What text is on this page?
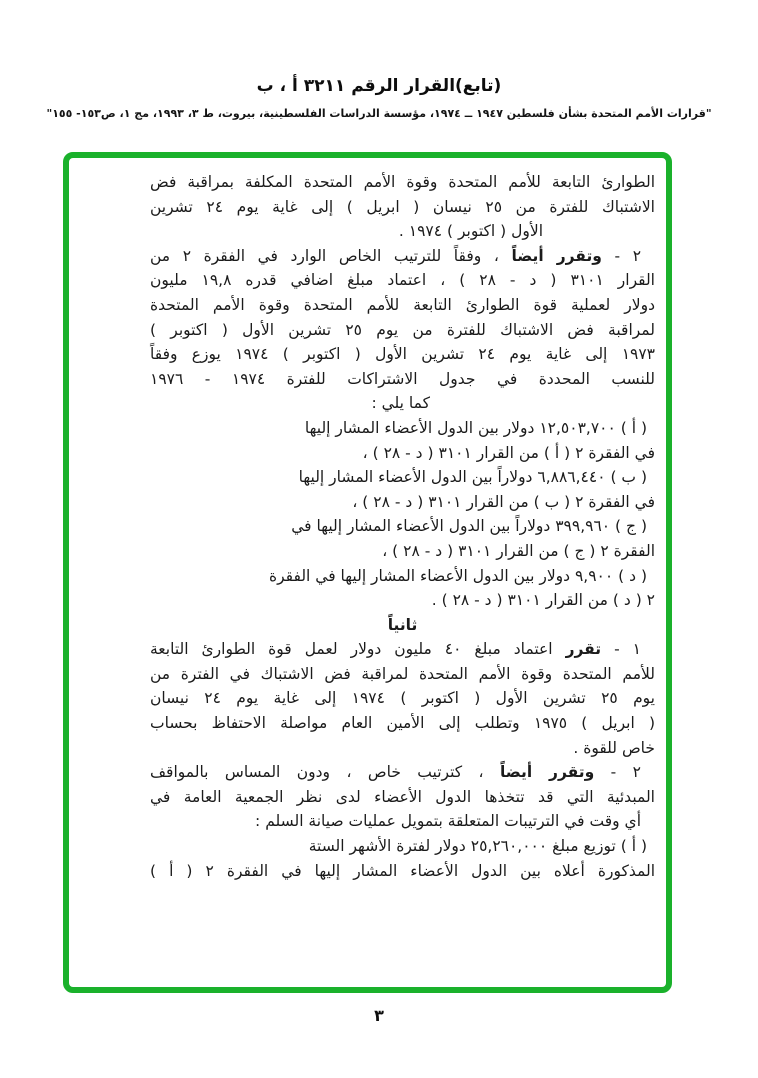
(تابع)القرار الرقم ٣٢١١ أ ، ب
"قرارات الأمم المتحدة بشأن فلسطين ١٩٤٧ ــ ١٩٧٤، مؤسسة الدراسات الفلسطينية، بيروت، ط ٣، ١٩٩٣، مج ١، ص١٥٣- ١٥٥"
الطوارئ التابعة للأمم المتحدة وقوة الأمم المتحدة المكلفة بمراقبة فض
الاشتباك للفترة من ٢٥ نيسان ( ابريل ) إلى غاية يوم ٢٤ تشرين
الأول ( اكتوبر ) ١٩٧٤ .
٢ - وتقرر أيضاً ، وفقاً للترتيب الخاص الوارد في الفقرة ٢ من
القرار ٣١٠١ ( د - ٢٨ ) ، اعتماد مبلغ اضافي قدره ١٩,٨ مليون
دولار لعملية قوة الطوارئ التابعة للأمم المتحدة وقوة الأمم المتحدة
لمراقبة فض الاشتباك للفترة من يوم ٢٥ تشرين الأول ( اكتوبر )
١٩٧٣ إلى غاية يوم ٢٤ تشرين الأول ( اكتوبر ) ١٩٧٤ يوزع وفقاً
للنسب المحددة في جدول الاشتراكات للفترة ١٩٧٤ - ١٩٧٦
كما يلي :
( أ ) ١٢,٥٠٣,٧٠٠ دولار بين الدول الأعضاء المشار إليها
في الفقرة ٢ ( أ ) من القرار ٣١٠١ ( د - ٢٨ ) ،
( ب ) ٦,٨٨٦,٤٤٠ دولاراً بين الدول الأعضاء المشار إليها
في الفقرة ٢ ( ب ) من القرار ٣١٠١ ( د - ٢٨ ) ،
( ج ) ٣٩٩,٩٦٠ دولاراً بين الدول الأعضاء المشار إليها في
الفقرة ٢ ( ج ) من القرار ٣١٠١ ( د - ٢٨ ) ،
( د ) ٩,٩٠٠ دولار بين الدول الأعضاء المشار إليها في الفقرة
٢ ( د ) من القرار ٣١٠١ ( د - ٢٨ ) .
ثانياً
١ - تقرر اعتماد مبلغ ٤٠ مليون دولار لعمل قوة الطوارئ التابعة
للأمم المتحدة وقوة الأمم المتحدة لمراقبة فض الاشتباك في الفترة من
يوم ٢٥ تشرين الأول ( اكتوبر ) ١٩٧٤ إلى غاية يوم ٢٤ نيسان
( ابريل ) ١٩٧٥ وتطلب إلى الأمين العام مواصلة الاحتفاظ بحساب
خاص للقوة .
٢ - وتقرر أيضاً ، كترتيب خاص ، ودون المساس بالمواقف
المبدئية التي قد تتخذها الدول الأعضاء لدى نظر الجمعية العامة في
أي وقت في الترتيبات المتعلقة بتمويل عمليات صيانة السلم :
( أ ) توزيع مبلغ ٢٥,٢٦٠,٠٠٠ دولار لفترة الأشهر الستة
المذكورة أعلاه بين الدول الأعضاء المشار إليها في الفقرة ٢ ( أ )
٣
